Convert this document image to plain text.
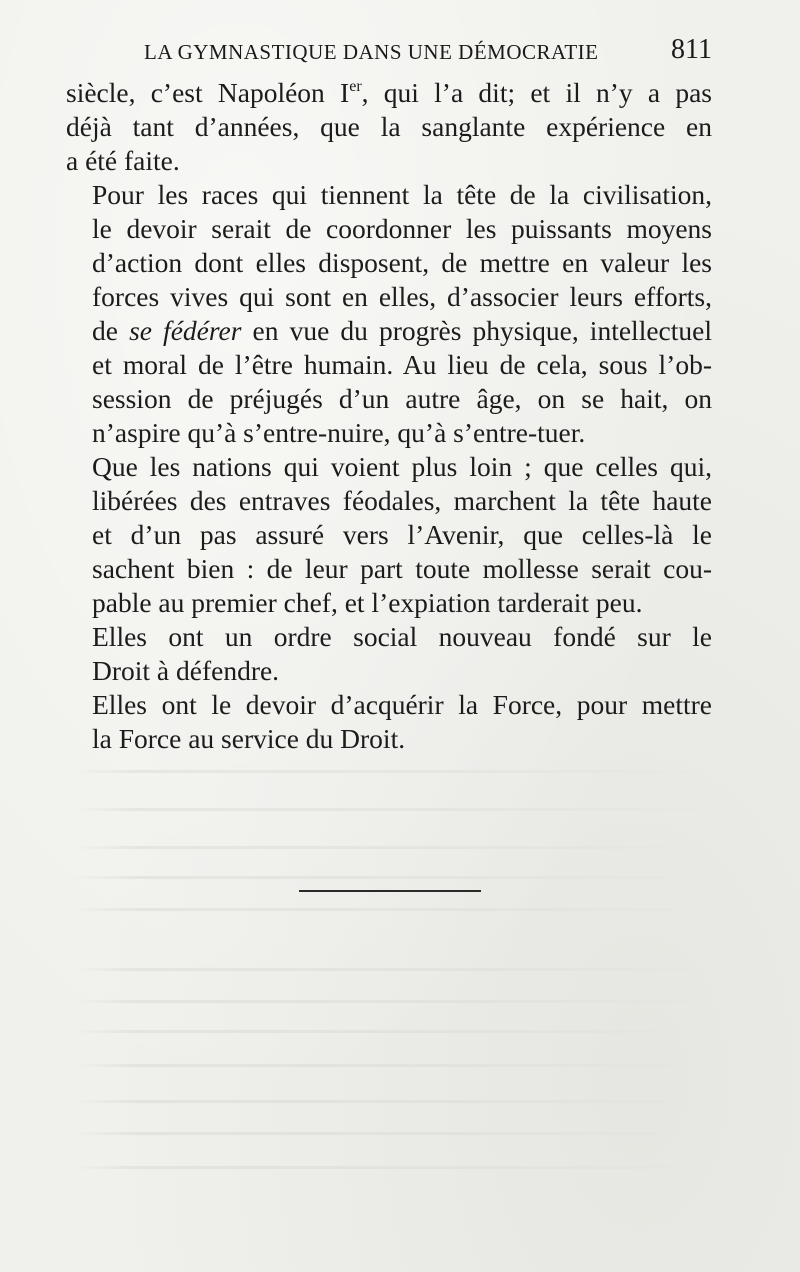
LA GYMNASTIQUE DANS UNE DÉMOCRATIE	811

siècle, c’est Napoléon Ier, qui l’a dit; et il n’y a pas
déjà tant d’années, que la sanglante expérience en
a été faite.

Pour les races qui tiennent la tête de la civilisation,
le devoir serait de coordonner les puissants moyens
d’action dont elles disposent, de mettre en valeur les
forces vives qui sont en elles, d’associer leurs efforts,
de se fédérer en vue du progrès physique, intellectuel
et moral de l’être humain. Au lieu de cela, sous l’ob-
session de préjugés d’un autre âge, on se hait, on
n’aspire qu’à s’entre-nuire, qu’à s’entre-tuer.

Que les nations qui voient plus loin ; que celles qui,
libérées des entraves féodales, marchent la tête haute
et d’un pas assuré vers l’Avenir, que celles-là le
sachent bien : de leur part toute mollesse serait cou-
pable au premier chef, et l’expiation tarderait peu.

Elles ont un ordre social nouveau fondé sur le
Droit à défendre.

Elles ont le devoir d’acquérir la Force, pour mettre
la Force au service du Droit.
